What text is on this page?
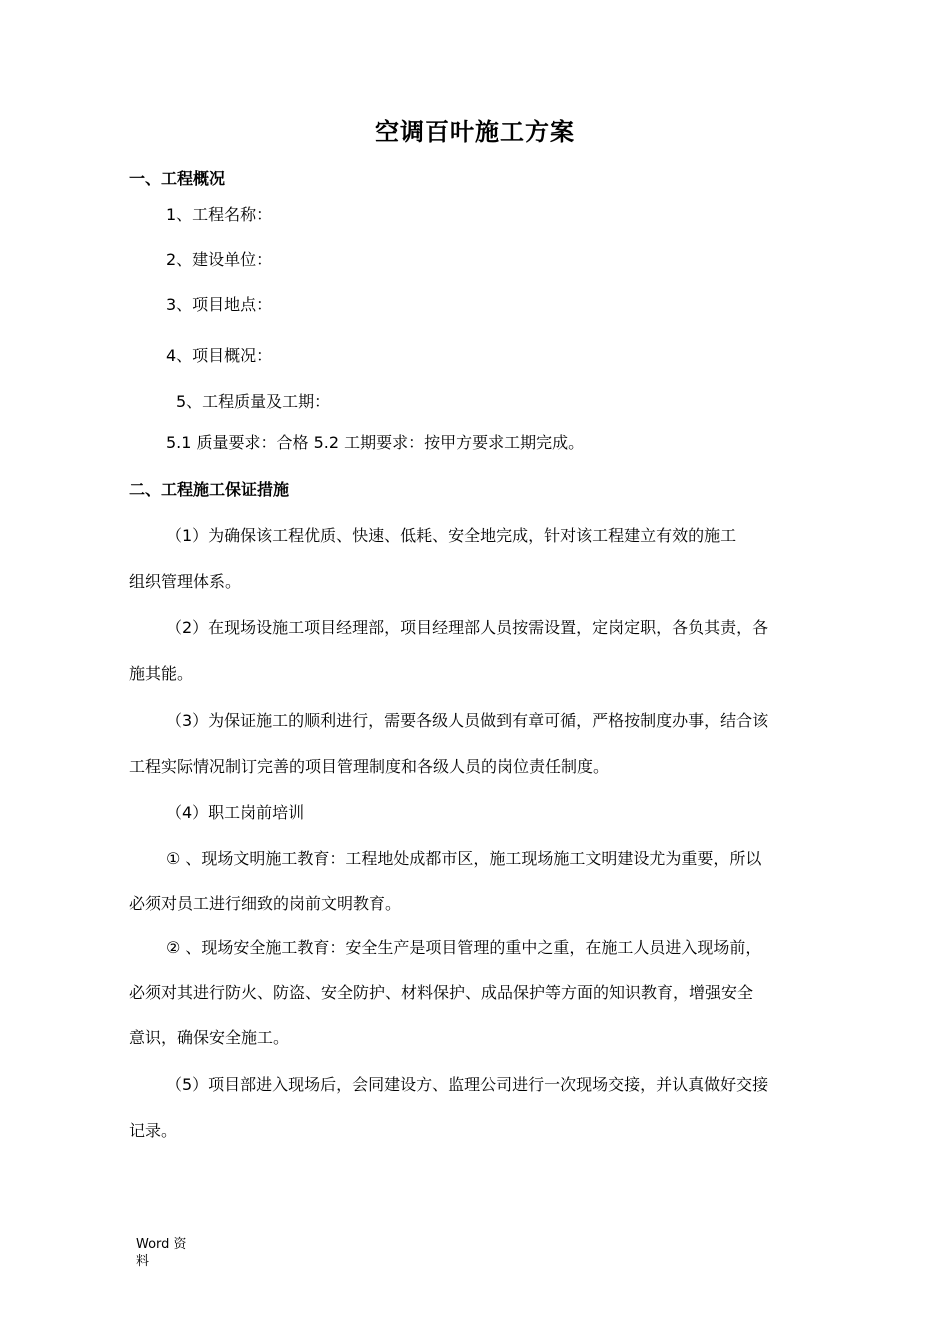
空调百叶施工方案
一、工程概况
1、工程名称：
2、建设单位：
3、项目地点：
4、项目概况：
5、工程质量及工期：
5.1 质量要求：合格 5.2 工期要求：按甲方要求工期完成。
二、工程施工保证措施
（1）为确保该工程优质、快速、低耗、安全地完成，针对该工程建立有效的施工
组织管理体系。
（2）在现场设施工项目经理部，项目经理部人员按需设置，定岗定职，各负其责，各
施其能。
（3）为保证施工的顺利进行，需要各级人员做到有章可循，严格按制度办事，结合该
工程实际情况制订完善的项目管理制度和各级人员的岗位责任制度。
（4）职工岗前培训
① 、现场文明施工教育：工程地处成都市区，施工现场施工文明建设尤为重要，所以
必须对员工进行细致的岗前文明教育。
② 、现场安全施工教育：安全生产是项目管理的重中之重，在施工人员进入现场前，
必须对其进行防火、防盗、安全防护、材料保护、成品保护等方面的知识教育，增强安全
意识，确保安全施工。
（5）项目部进入现场后，会同建设方、监理公司进行一次现场交接，并认真做好交接
记录。
Word 资
料
